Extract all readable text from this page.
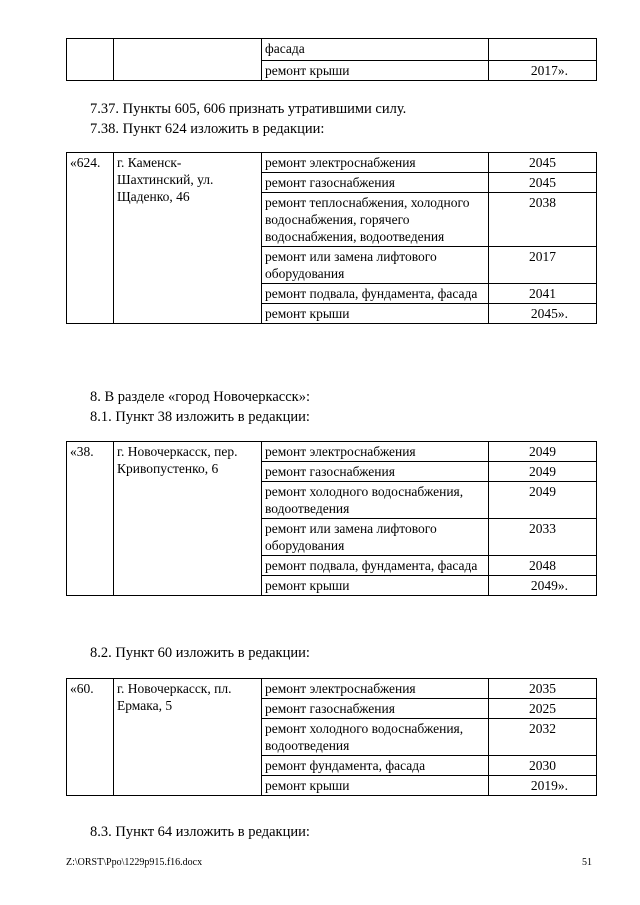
		фасада	
		ремонт крыши	2017».
7.37. Пункты 605, 606 признать утратившими силу.
7.38. Пункт 624 изложить в редакции:
«624.	г. Каменск-Шахтинский, ул. Щаденко, 46	ремонт электроснабжения	2045
		ремонт газоснабжения	2045
		ремонт теплоснабжения, холодного водоснабжения, горячего водоснабжения, водоотведения	2038
		ремонт или замена лифтового оборудования	2017
		ремонт подвала, фундамента, фасада	2041
		ремонт крыши	2045».
8. В разделе «город Новочеркасск»:
8.1. Пункт 38 изложить в редакции:
«38.	г. Новочеркасск, пер. Кривопустенко, 6	ремонт электроснабжения	2049
		ремонт газоснабжения	2049
		ремонт холодного водоснабжения, водоотведения	2049
		ремонт или замена лифтового оборудования	2033
		ремонт подвала, фундамента, фасада	2048
		ремонт крыши	2049».
8.2. Пункт 60 изложить в редакции:
«60.	г. Новочеркасск, пл. Ермака, 5	ремонт электроснабжения	2035
		ремонт газоснабжения	2025
		ремонт холодного водоснабжения, водоотведения	2032
		ремонт фундамента, фасада	2030
		ремонт крыши	2019».
8.3. Пункт 64 изложить в редакции:
Z:\ORST\Ppo\1229p915.f16.docx	51
